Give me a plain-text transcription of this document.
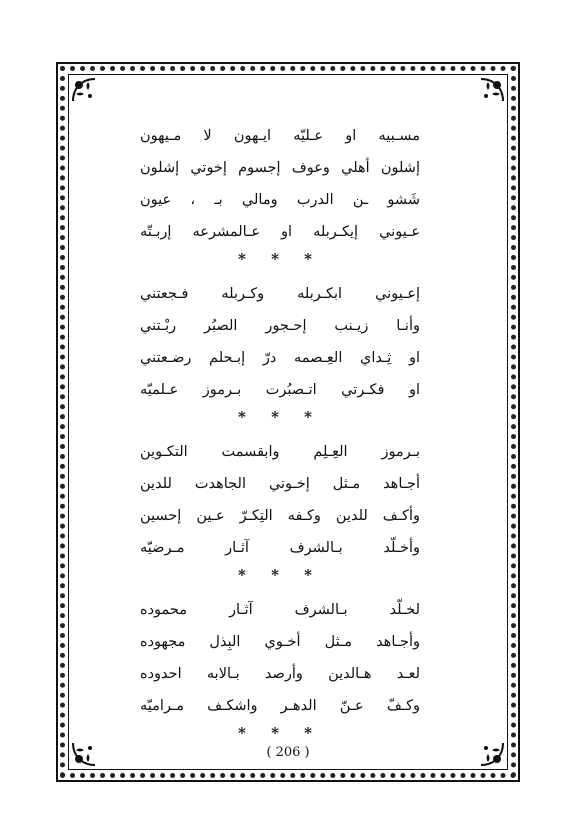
مسـبيه او عـليّه ايـهون لا مـيهون
إشلون أهلي وعوف إجسوم إخوتي إشلون
شَشو ـن الدرب ومالي بـ ، عيون
عـيوني إيكـربله او عـالمشرعه إربـتّه
* * *
إعـيوني ابكـربله وكـربله فـجعتني
وأنـا زيـنب إحـجور الصبُر ربْـتني
او ثِـداي العِـصمه درّ إبـحلم رضـعتني
او فكـرتي اتـصبُرت بـرموز عـلميّه
* * *
بـرموز العِـلِم وابقسمت التكـوين
أجـاهد مـثل إخـوتي الجاهدت للدين
وأكـف للدين وكـفه التِكـرّ عـين إحسين
وأخـلّد بـالشرف آثـار مـرضيّه
* * *
لخـلّد بـالشرف آثـار محموده
وأجـاهد مـثل أخـوي البِذل مجهوده
لعـد هـالدين وأرصد بـالابه احدوده
وكـفّ عـنّ الدهـر واشكـف مـراميّه
* * *
( 206 )
